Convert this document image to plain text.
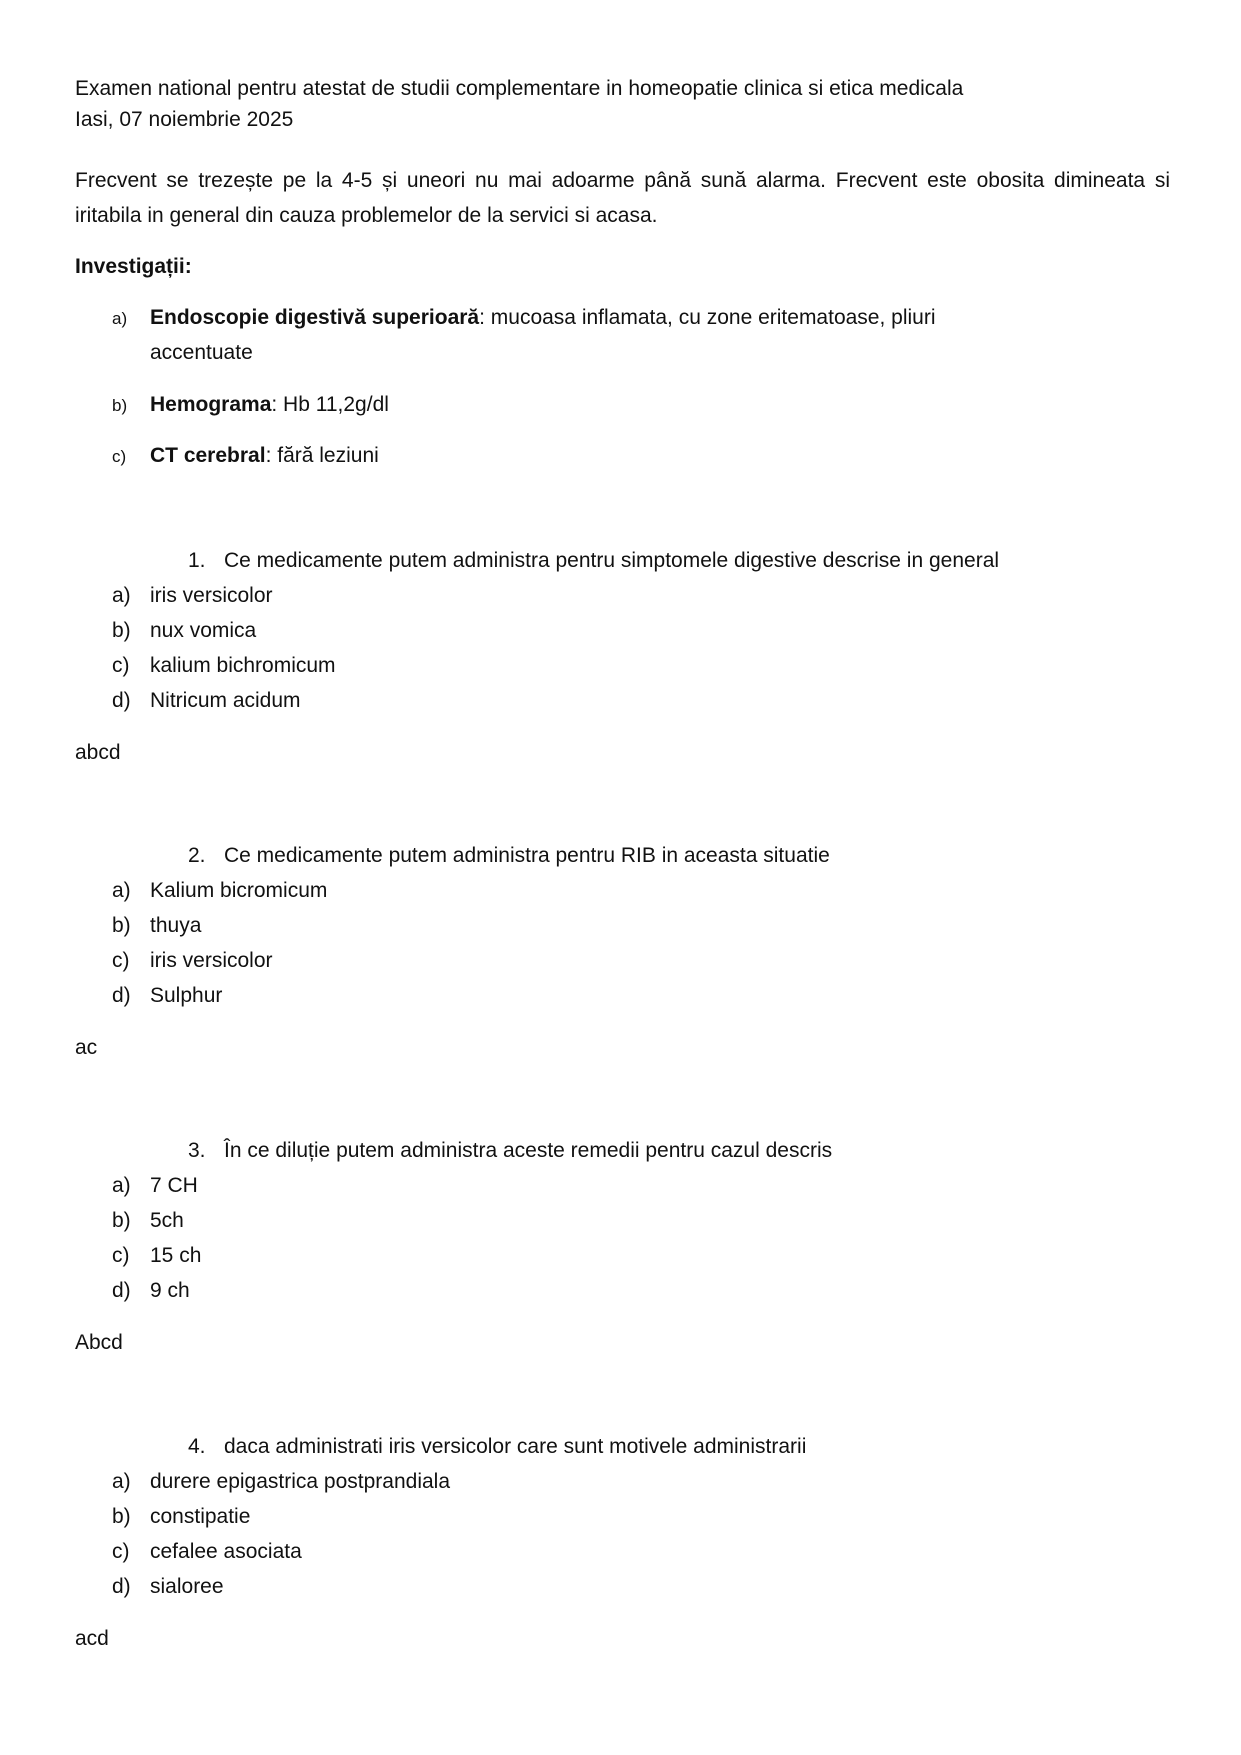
Examen national pentru atestat de studii complementare in homeopatie clinica si etica medicala
Iasi, 07 noiembrie 2025
Frecvent se trezește pe la 4-5 și uneori nu mai adoarme până sună alarma. Frecvent este obosita dimineata si iritabila in general din cauza problemelor de la servici si acasa.
Investigații:
a) Endoscopie digestivă superioară: mucoasa inflamata, cu zone eritematoase, pliuri
accentuate
b) Hemograma: Hb 11,2g/dl
c) CT cerebral: fără leziuni
1. Ce medicamente putem administra pentru simptomele digestive descrise in general
a) iris versicolor
b) nux vomica
c) kalium bichromicum
d) Nitricum acidum
abcd
2. Ce medicamente putem administra pentru RIB in aceasta situatie
a) Kalium bicromicum
b) thuya
c) iris versicolor
d) Sulphur
ac
3. În ce diluție putem administra aceste remedii pentru cazul descris
a) 7 CH
b) 5ch
c) 15 ch
d) 9 ch
Abcd
4. daca administrati iris versicolor care sunt motivele administrarii
a) durere epigastrica postprandiala
b) constipatie
c) cefalee asociata
d) sialoree
acd
